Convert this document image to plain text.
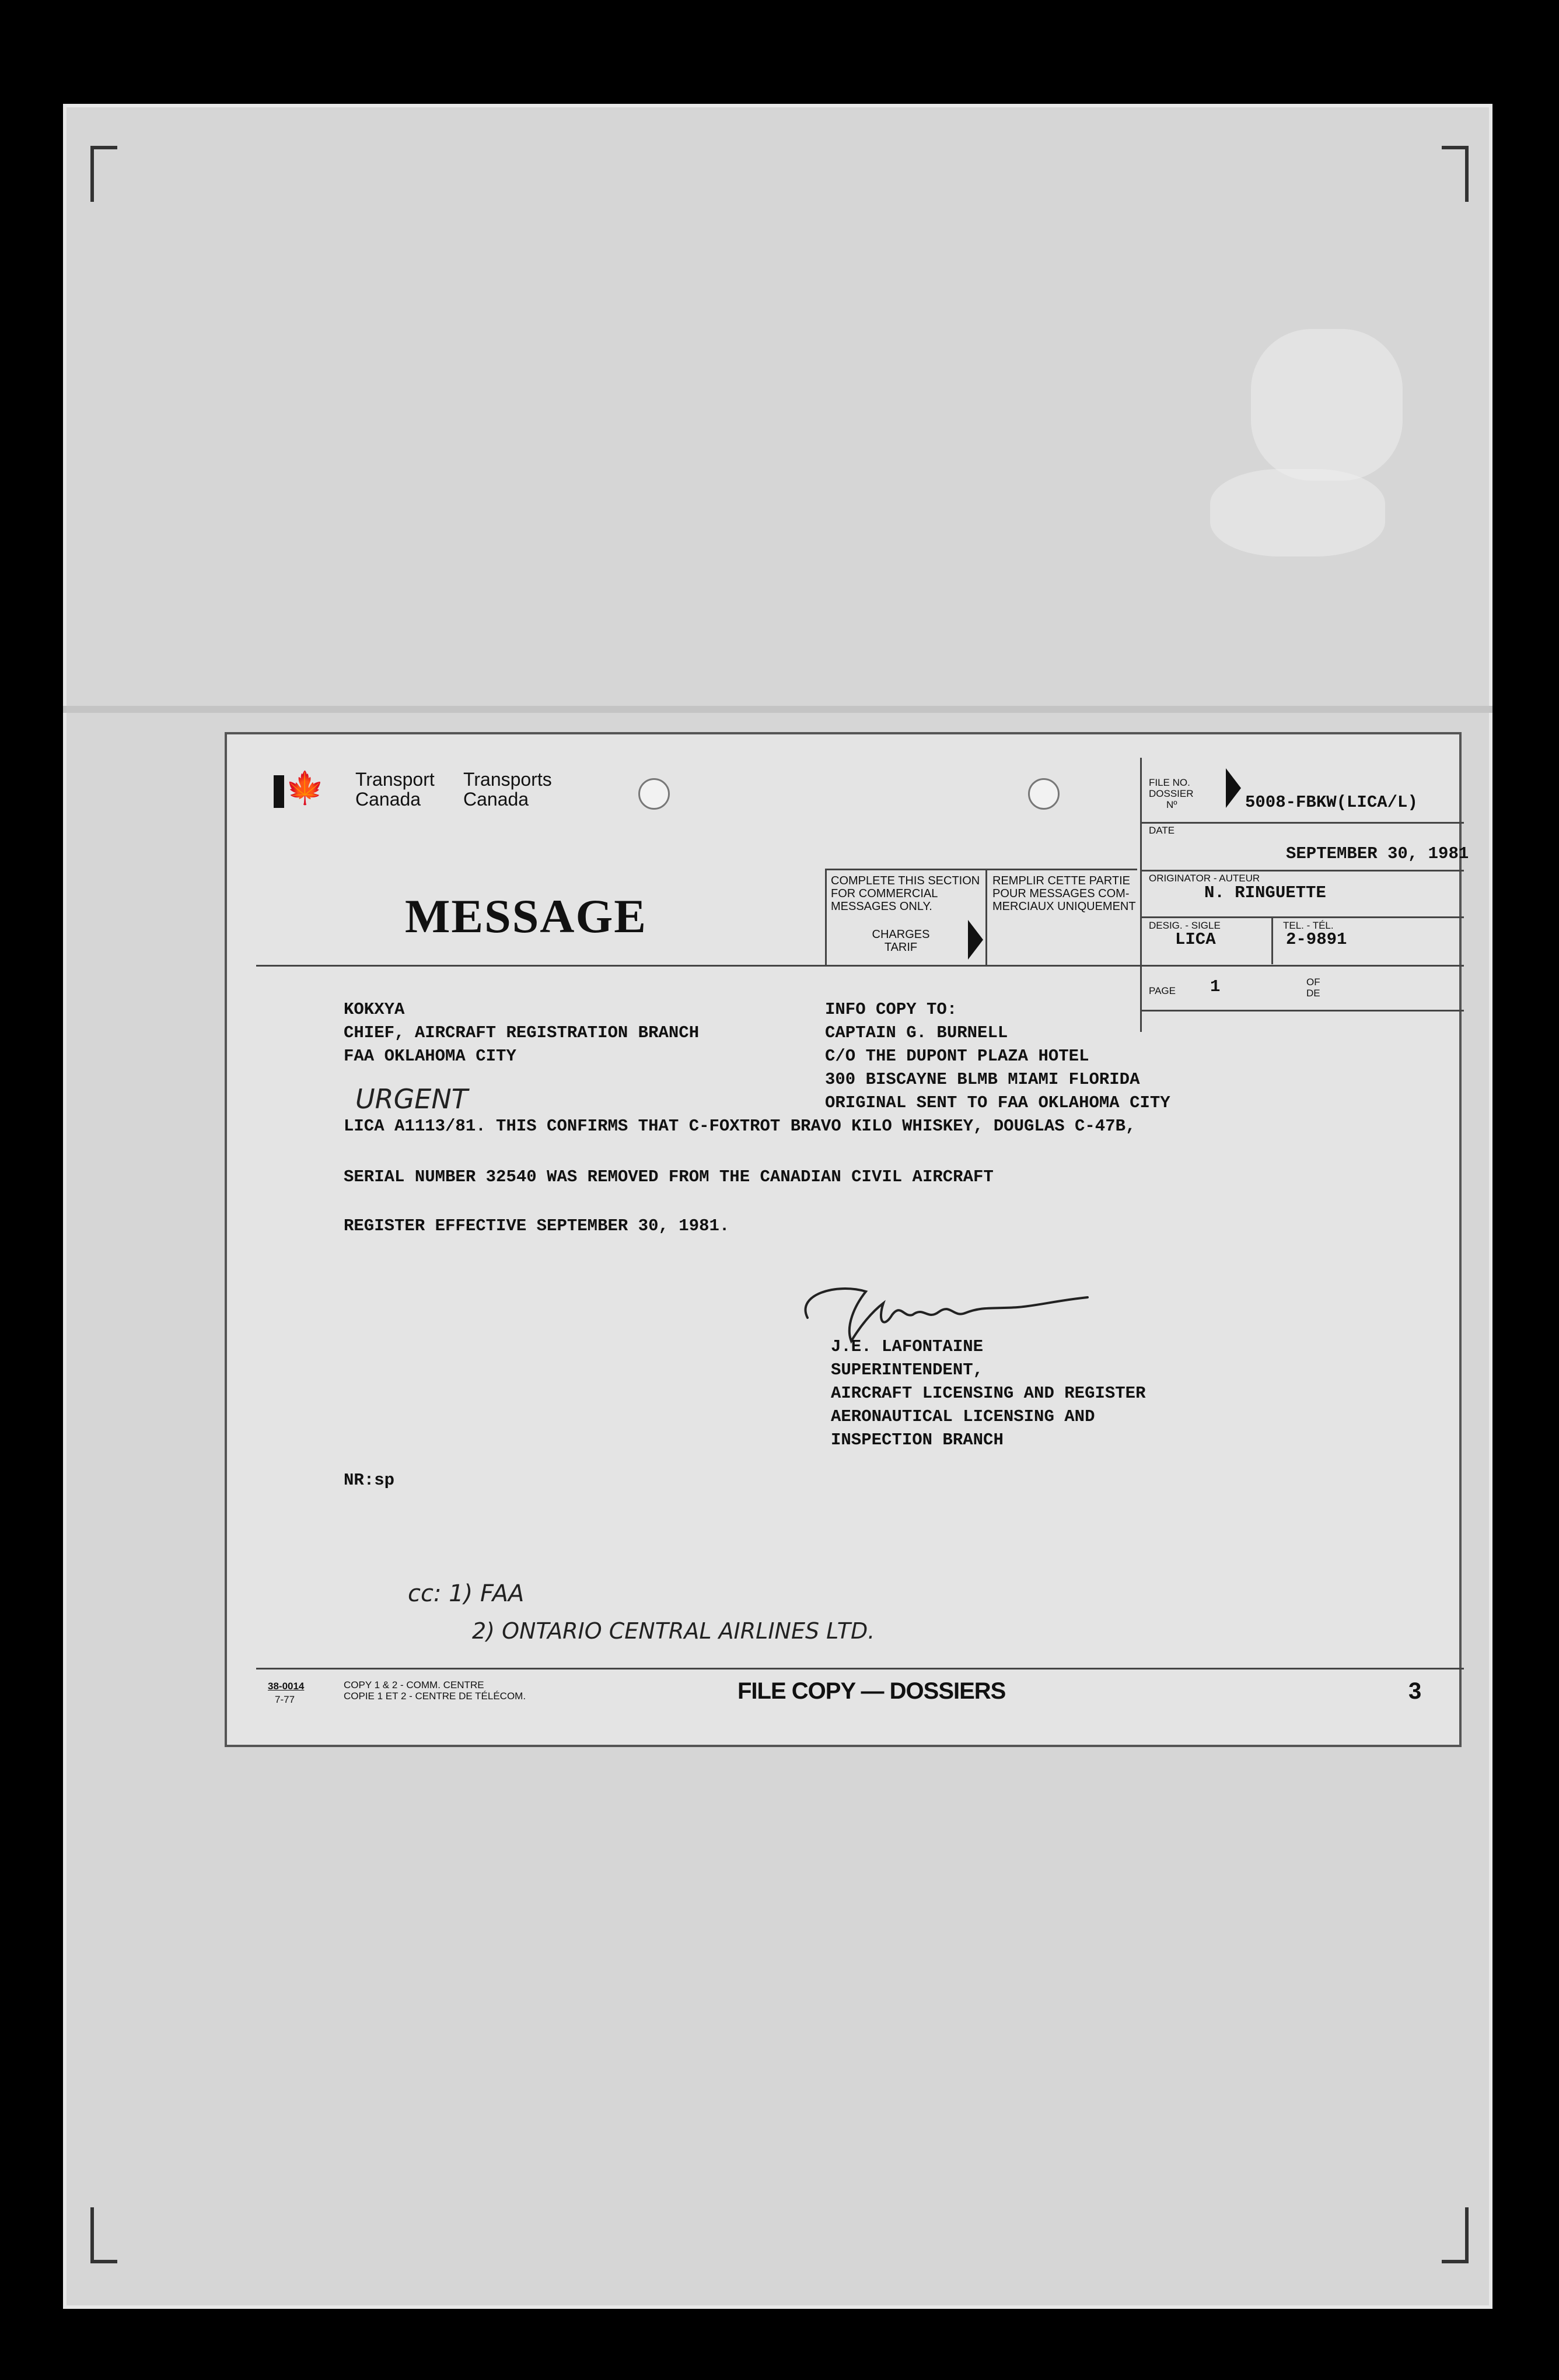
🍁 Transport
Canada
Transports
Canada
MESSAGE
COMPLETE THIS SECTION
FOR COMMERCIAL
MESSAGES ONLY.
REMPLIR CETTE PARTIE
POUR MESSAGES COM-
MERCIAUX UNIQUEMENT
CHARGES
TARIF
FILE NO.
DOSSIER
Nº	5008-FBKW(LICA/L)
DATE
SEPTEMBER 30, 1981
ORIGINATOR - AUTEUR
N. RINGUETTE
DESIG. - SIGLE
LICA
TEL. - TÉL.
2-9891
PAGE 1	OF
DE
KOKXYA
CHIEF, AIRCRAFT REGISTRATION BRANCH
FAA OKLAHOMA CITY
URGENT
INFO COPY TO:
CAPTAIN G. BURNELL
C/O THE DUPONT PLAZA HOTEL
300 BISCAYNE BLMB MIAMI FLORIDA
ORIGINAL SENT TO FAA OKLAHOMA CITY
LICA A1113/81. THIS CONFIRMS THAT C-FOXTROT BRAVO KILO WHISKEY, DOUGLAS C-47B,
SERIAL NUMBER 32540 WAS REMOVED FROM THE CANADIAN CIVIL AIRCRAFT
REGISTER EFFECTIVE SEPTEMBER 30, 1981.
J.E. LAFONTAINE
SUPERINTENDENT,
AIRCRAFT LICENSING AND REGISTER
AERONAUTICAL LICENSING AND
INSPECTION BRANCH
NR:sp
cc: 1) FAA
2) ONTARIO CENTRAL AIRLINES LTD.
38-0014
7-77
COPY 1 & 2 - COMM. CENTRE
COPIE 1 ET 2 - CENTRE DE TÉLÉCOM.	FILE COPY — DOSSIERS	3
